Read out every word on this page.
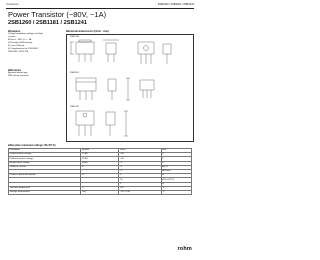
Transistors	2SB1260 / 2SB1181 / 2SB1241
Power Transistor (−80V, −1A)
2SB1260 / 2SB1181 / 2SB1241
■Features
1) High breakdown voltage and high
current.
BVceo = −80V, Ic = −1A
2) Excellent hFE linearity.
3) Low VCE(sat).
4) Complements the 2SD1863 /
2SD1862 / 2SD1758.
■Structure
Epitaxial planar type
PNP silicon transistor
■External dimensions (Units : mm)
2SB1260
2SB1181
2SB1241
■Absolute maximum ratings (Ta=25°C)
Parameter	Symbol	Limits	Unit
Collector-base voltage	VCBO	−80	V
Collector-emitter voltage	VCEO	−80	V
Emitter-base voltage	VEBO	−5	V
Collector current	IC	−1	A(DC)
		−2	A(Pulse)
Collector power dissipation	PC	1	W
		10	W(Tc=25°C)
		1	W
Junction temperature	Tj	150	°C
Storage temperature	Tstg	−55~+150	°C
rohm
